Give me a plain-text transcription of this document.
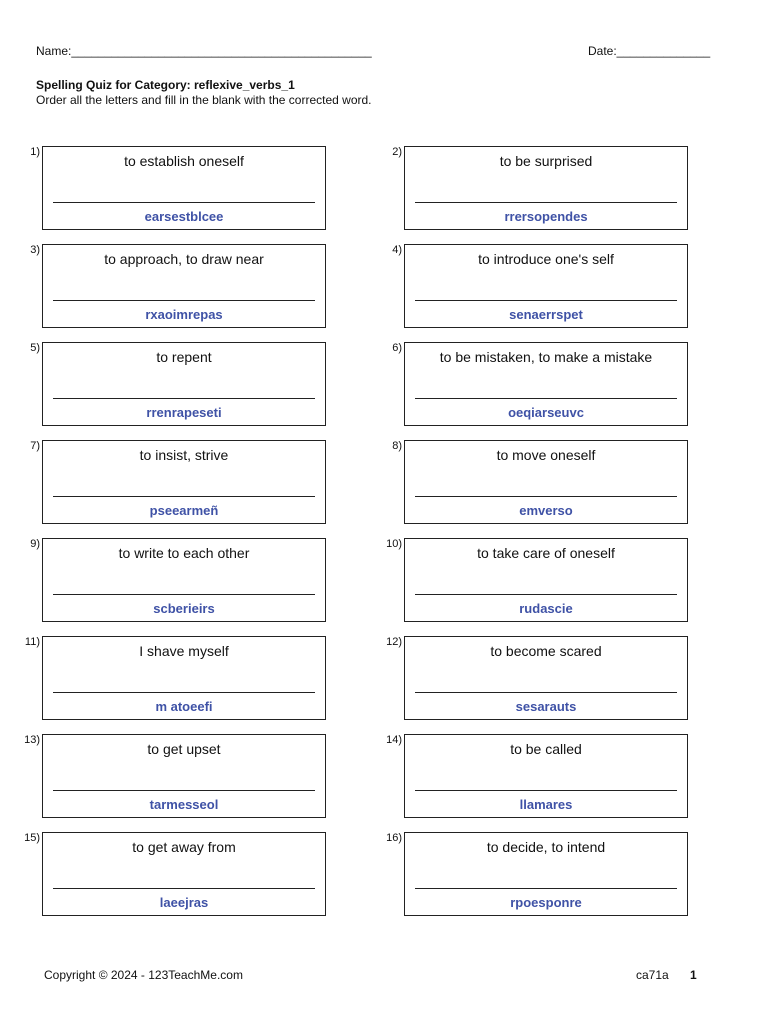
Name:_____________________________________________	Date:______________
Spelling Quiz for Category: reflexive_verbs_1
Order all the letters and fill in the blank with the corrected word.
1)
to establish oneself
earsestblcee
2)
to be surprised
rrersopendes
3)
to approach, to draw near
rxaoimrepas
4)
to introduce one's self
senaerrspet
5)
to repent
rrenrapeseti
6)
to be mistaken, to make a mistake
oeqiarseuvc
7)
to insist, strive
pseearmeñ
8)
to move oneself
emverso
9)
to write to each other
scberieirs
10)
to take care of oneself
rudascie
11)
I shave myself
m atoeefi
12)
to become scared
sesarauts
13)
to get upset
tarmesseol
14)
to be called
llamares
15)
to get away from
laeejras
16)
to decide, to intend
rpoesponre
Copyright © 2024 - 123TeachMe.com	ca71a 1
